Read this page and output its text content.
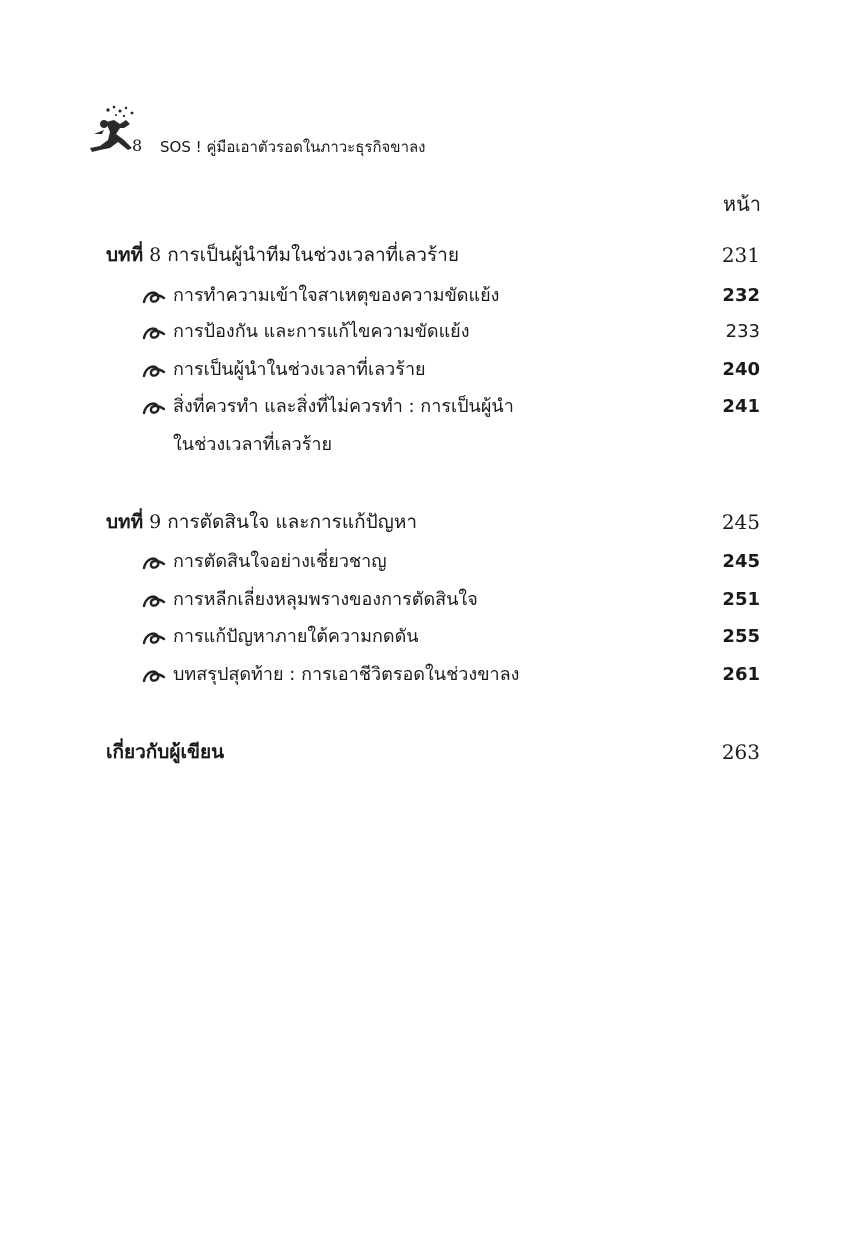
8 SOS ! คู่มือเอาตัวรอดในภาวะธุรกิจขาลง
หน้า
บทที่ 8 การเป็นผู้นำทีมในช่วงเวลาที่เลวร้าย	231
การทำความเข้าใจสาเหตุของความขัดแย้ง	232
การป้องกัน และการแก้ไขความขัดแย้ง	233
การเป็นผู้นำในช่วงเวลาที่เลวร้าย	240
สิ่งที่ควรทำ และสิ่งที่ไม่ควรทำ : การเป็นผู้นำ	241
ในช่วงเวลาที่เลวร้าย
บทที่ 9 การตัดสินใจ และการแก้ปัญหา	245
การตัดสินใจอย่างเชี่ยวชาญ	245
การหลีกเลี่ยงหลุมพรางของการตัดสินใจ	251
การแก้ปัญหาภายใต้ความกดดัน	255
บทสรุปสุดท้าย : การเอาชีวิตรอดในช่วงขาลง	261
เกี่ยวกับผู้เขียน	263
